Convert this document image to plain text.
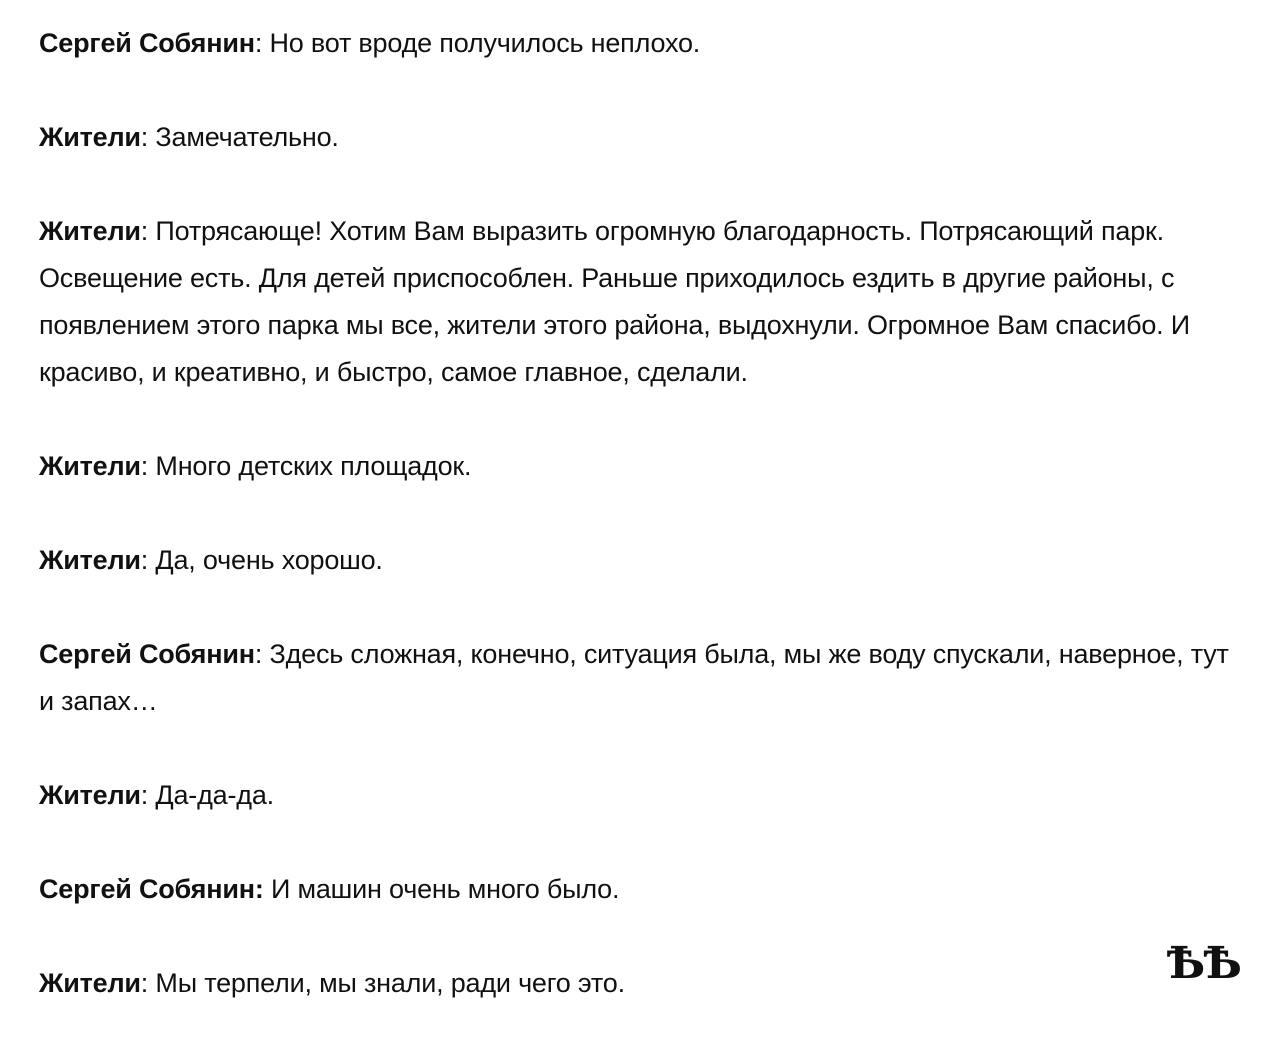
Сергей Собянин: Но вот вроде получилось неплохо.

Жители: Замечательно.

Жители: Потрясающе! Хотим Вам выразить огромную благодарность. Потрясающий парк. Освещение есть. Для детей приспособлен. Раньше приходилось ездить в другие районы, с появлением этого парка мы все, жители этого района, выдохнули. Огромное Вам спасибо. И красиво, и креативно, и быстро, самое главное, сделали.

Жители: Много детских площадок.

Жители: Да, очень хорошо.

Сергей Собянин: Здесь сложная, конечно, ситуация была, мы же воду спускали, наверное, тут и запах…

Жители: Да-да-да.

Сергей Собянин: И машин очень много было.

Жители: Мы терпели, мы знали, ради чего это.	ѢѢ
